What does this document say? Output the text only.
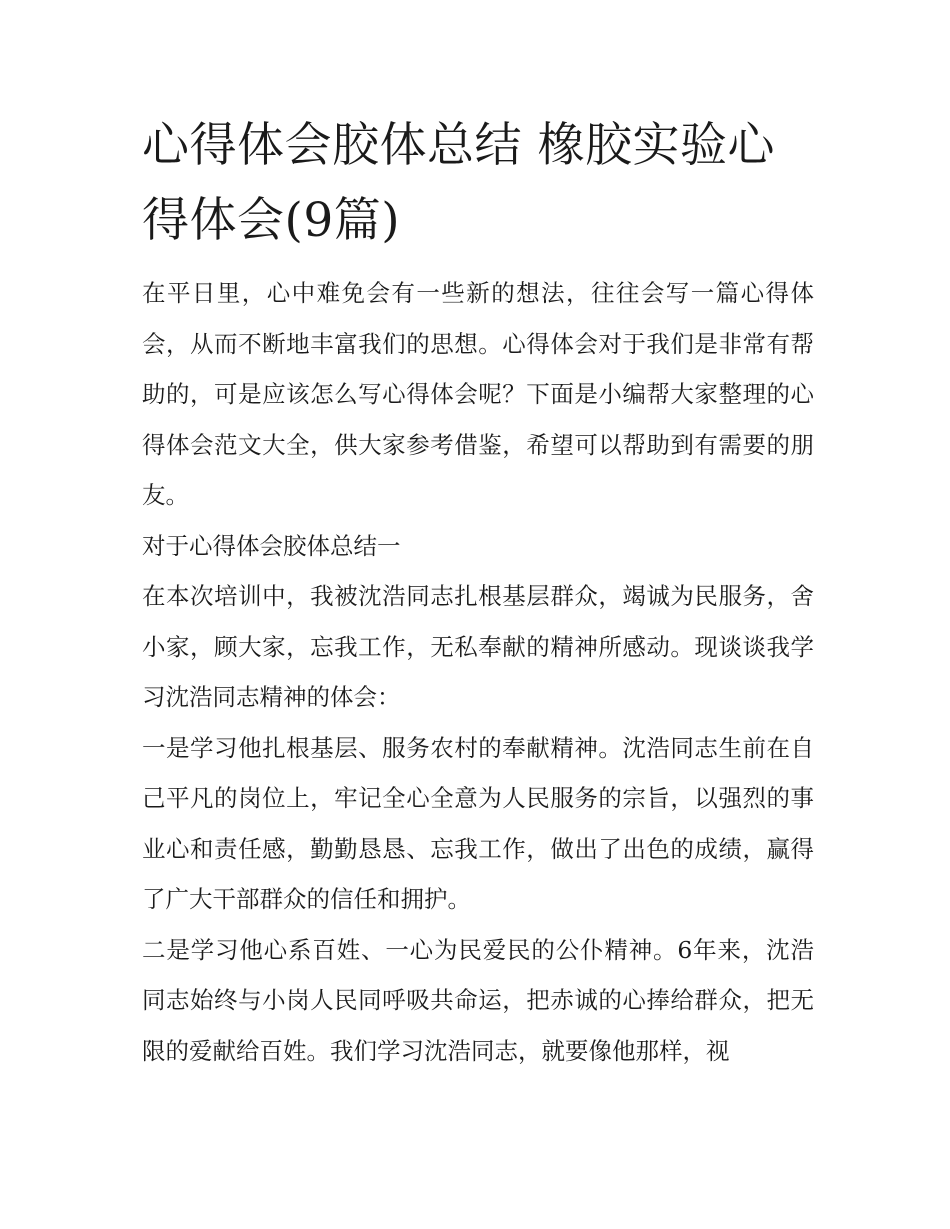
心得体会胶体总结 橡胶实验心得体会(9篇)

在平日里，心中难免会有一些新的想法，往往会写一篇心得体会，从而不断地丰富我们的思想。心得体会对于我们是非常有帮助的，可是应该怎么写心得体会呢？下面是小编帮大家整理的心得体会范文大全，供大家参考借鉴，希望可以帮助到有需要的朋友。

对于心得体会胶体总结一

在本次培训中，我被沈浩同志扎根基层群众，竭诚为民服务，舍小家，顾大家，忘我工作，无私奉献的精神所感动。现谈谈我学习沈浩同志精神的体会：

一是学习他扎根基层、服务农村的奉献精神。沈浩同志生前在自己平凡的岗位上，牢记全心全意为人民服务的宗旨，以强烈的事业心和责任感，勤勤恳恳、忘我工作，做出了出色的成绩，赢得了广大干部群众的信任和拥护。

二是学习他心系百姓、一心为民爱民的公仆精神。6年来，沈浩同志始终与小岗人民同呼吸共命运，把赤诚的心捧给群众，把无限的爱献给百姓。我们学习沈浩同志，就要像他那样，视
